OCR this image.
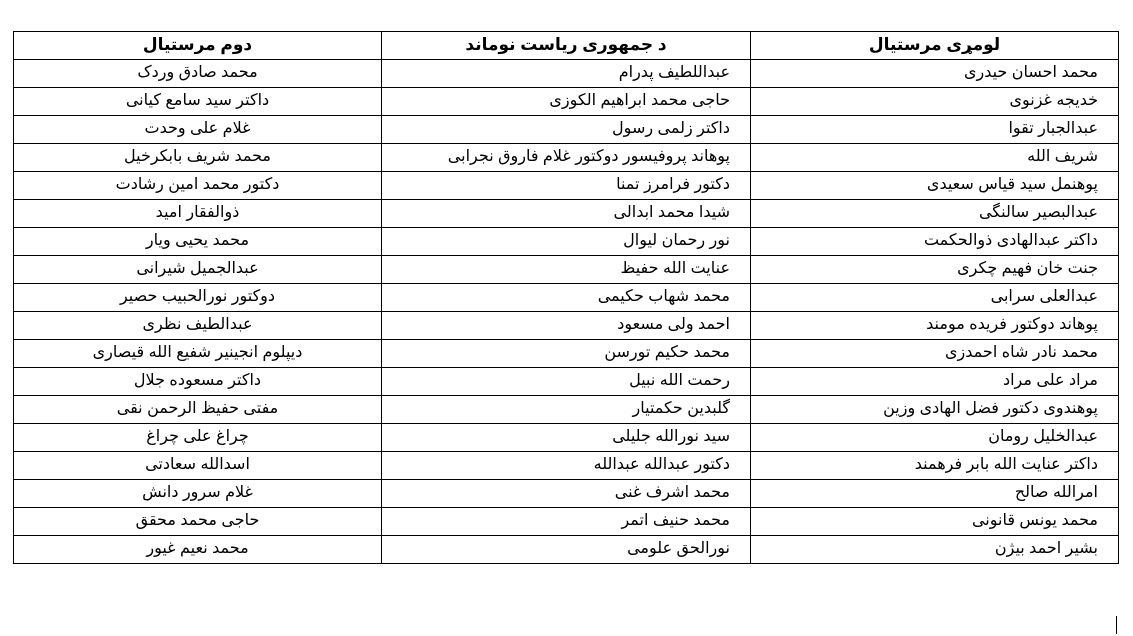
لومړی مرستیال	د جمهوری ریاست نوماند	دوم مرستیال
محمد احسان حیدری	عبداللطیف پدرام	محمد صادق وردک
خدیجه غزنوی	حاجی محمد ابراهیم الکوزی	داکتر سید سامع کیانی
عبدالجبار تقوا	داکتر زلمی رسول	غلام علی وحدت
شریف الله	پوهاند پروفیسور دوکتور غلام فاروق نجرابی	محمد شریف بابکرخیل
پوهنمل سید قیاس سعیدی	دکتور فرامرز تمنا	دکتور محمد امین رشادت
عبدالبصیر سالنگی	شیدا محمد ابدالی	ذوالفقار امید
داکتر عبدالهادی ذوالحکمت	نور رحمان لیوال	محمد یحیی ویار
جنت خان فهیم چکری	عنایت الله حفیظ	عبدالجمیل شیرانی
عبدالعلی سرابی	محمد شهاب حکیمی	دوکتور نورالحبیب حصیر
پوهاند دوکتور فریده مومند	احمد ولی مسعود	عبدالطیف نظری
محمد نادر شاه احمدزی	محمد حکیم تورسن	دیپلوم انجینیر شفیع الله قیصاری
مراد علی مراد	رحمت الله نبیل	داکتر مسعوده جلال
پوهندوی دکتور فضل الهادی وزین	گلبدین حکمتیار	مفتی حفیظ الرحمن نقی
عبدالخلیل رومان	سید نورالله جلیلی	چراغ علی چراغ
داکتر عنایت الله بابر فرهمند	دکتور عبدالله عبدالله	اسدالله سعادتی
امرالله صالح	محمد اشرف غنی	غلام سرور دانش
محمد یونس قانونی	محمد حنیف اتمر	حاجی محمد محقق
بشیر احمد بیژن	نورالحق علومی	محمد نعیم غیور
